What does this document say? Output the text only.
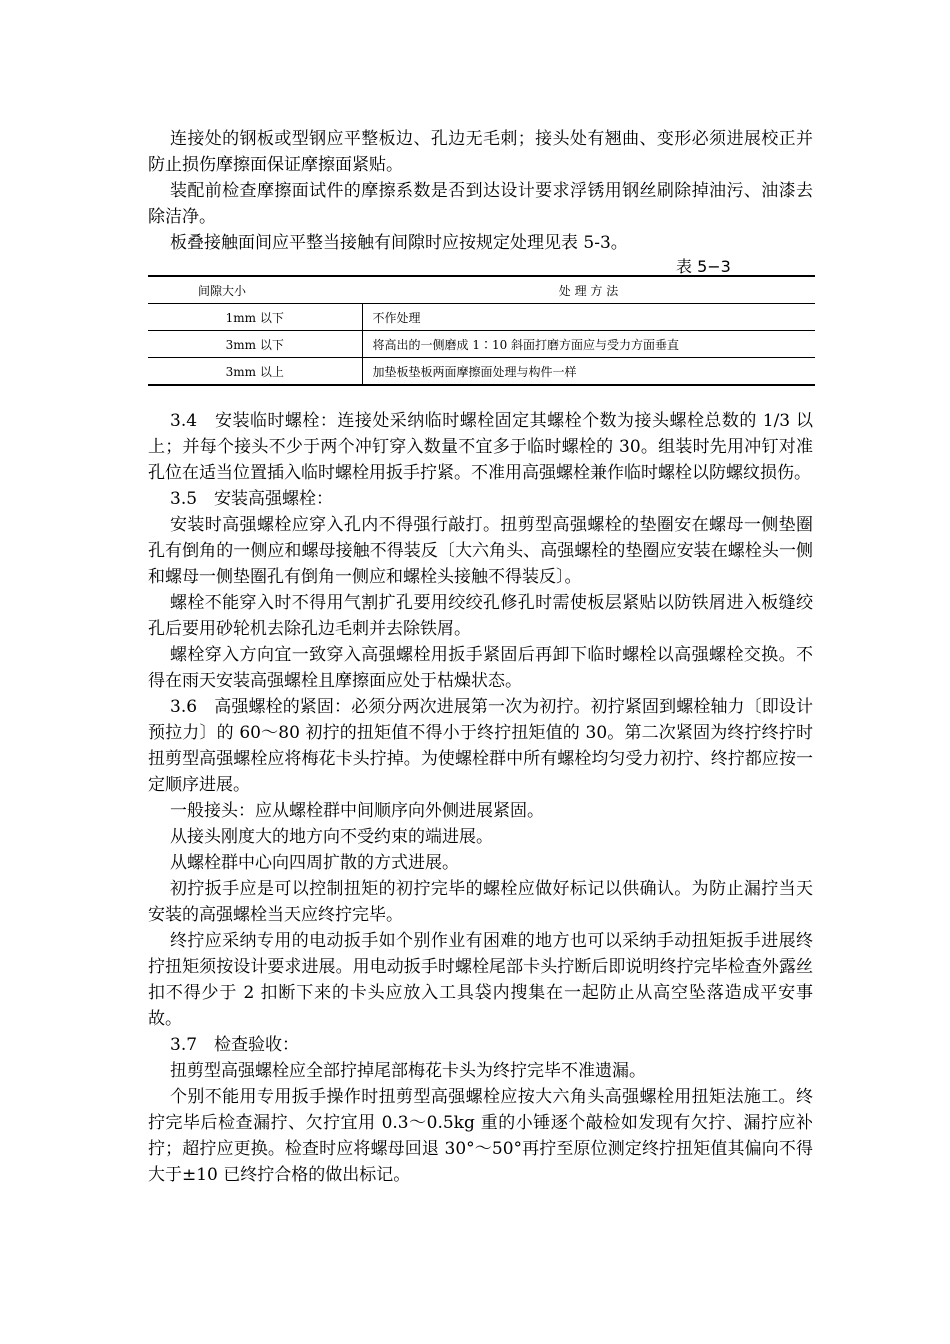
连接处的钢板或型钢应平整板边、孔边无毛刺；接头处有翘曲、变形必须进展校正并防止损伤摩擦面保证摩擦面紧贴。

装配前检查摩擦面试件的摩擦系数是否到达设计要求浮锈用钢丝刷除掉油污、油漆去除洁净。

板叠接触面间应平整当接触有间隙时应按规定处理见表 5-3。

表 5−3
间隙大小	处 理 方 法
1mm 以下	不作处理
3mm 以下	将高出的一侧磨成 1∶10 斜面打磨方面应与受力方面垂直
3mm 以上	加垫板垫板两面摩擦面处理与构件一样

3.4　安装临时螺栓：连接处采纳临时螺栓固定其螺栓个数为接头螺栓总数的 1/3 以上；并每个接头不少于两个冲钉穿入数量不宜多于临时螺栓的 30。组装时先用冲钉对准孔位在适当位置插入临时螺栓用扳手拧紧。不准用高强螺栓兼作临时螺栓以防螺纹损伤。

3.5　安装高强螺栓：

安装时高强螺栓应穿入孔内不得强行敲打。扭剪型高强螺栓的垫圈安在螺母一侧垫圈孔有倒角的一侧应和螺母接触不得装反〔大六角头、高强螺栓的垫圈应安装在螺栓头一侧和螺母一侧垫圈孔有倒角一侧应和螺栓头接触不得装反〕。

螺栓不能穿入时不得用气割扩孔要用绞绞孔修孔时需使板层紧贴以防铁屑进入板缝绞孔后要用砂轮机去除孔边毛刺并去除铁屑。

螺栓穿入方向宜一致穿入高强螺栓用扳手紧固后再卸下临时螺栓以高强螺栓交换。不得在雨天安装高强螺栓且摩擦面应处于枯燥状态。

3.6　高强螺栓的紧固：必须分两次进展第一次为初拧。初拧紧固到螺栓轴力〔即设计预拉力〕的 60～80 初拧的扭矩值不得小于终拧扭矩值的 30。第二次紧固为终拧终拧时扭剪型高强螺栓应将梅花卡头拧掉。为使螺栓群中所有螺栓均匀受力初拧、终拧都应按一定顺序进展。

一般接头：应从螺栓群中间顺序向外侧进展紧固。

从接头刚度大的地方向不受约束的端进展。

从螺栓群中心向四周扩散的方式进展。

初拧扳手应是可以控制扭矩的初拧完毕的螺栓应做好标记以供确认。为防止漏拧当天安装的高强螺栓当天应终拧完毕。

终拧应采纳专用的电动扳手如个别作业有困难的地方也可以采纳手动扭矩扳手进展终拧扭矩须按设计要求进展。用电动扳手时螺栓尾部卡头拧断后即说明终拧完毕检查外露丝扣不得少于 2 扣断下来的卡头应放入工具袋内搜集在一起防止从高空坠落造成平安事故。

3.7　检查验收：

扭剪型高强螺栓应全部拧掉尾部梅花卡头为终拧完毕不准遗漏。

个别不能用专用扳手操作时扭剪型高强螺栓应按大六角头高强螺栓用扭矩法施工。终拧完毕后检查漏拧、欠拧宜用 0.3～0.5kg 重的小锤逐个敲检如发现有欠拧、漏拧应补拧；超拧应更换。检查时应将螺母回退 30°～50°再拧至原位测定终拧扭矩值其偏向不得大于±10 已终拧合格的做出标记。
